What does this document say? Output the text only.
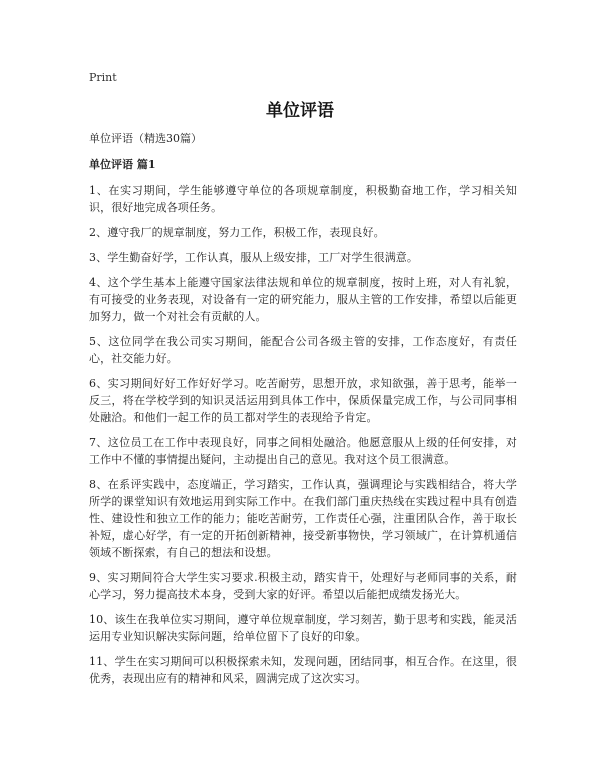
Print
单位评语

单位评语（精选30篇）

单位评语 篇1

1、在实习期间，学生能够遵守单位的各项规章制度，积极勤奋地工作，学习相关知识，很好地完成各项任务。

2、遵守我厂的规章制度，努力工作，积极工作，表现良好。

3、学生勤奋好学，工作认真，服从上级安排，工厂对学生很满意。

4、这个学生基本上能遵守国家法律法规和单位的规章制度，按时上班，对人有礼貌，有可接受的业务表现，对设备有一定的研究能力，服从主管的工作安排，希望以后能更加努力，做一个对社会有贡献的人。

5、这位同学在我公司实习期间，能配合公司各级主管的安排，工作态度好，有责任心，社交能力好。

6、实习期间好好工作好好学习。吃苦耐劳，思想开放，求知欲强，善于思考，能举一反三，将在学校学到的知识灵活运用到具体工作中，保质保量完成工作，与公司同事相处融洽。和他们一起工作的员工都对学生的表现给予肯定。

7、这位员工在工作中表现良好，同事之间相处融洽。他愿意服从上级的任何安排，对工作中不懂的事情提出疑问，主动提出自己的意见。我对这个员工很满意。

8、在系评实践中，态度端正，学习踏实，工作认真，强调理论与实践相结合，将大学所学的课堂知识有效地运用到实际工作中。在我们部门重庆热线在实践过程中具有创造性、建设性和独立工作的能力；能吃苦耐劳，工作责任心强，注重团队合作，善于取长补短，虚心好学，有一定的开拓创新精神，接受新事物快，学习领域广，在计算机通信领域不断探索，有自己的想法和设想。

9、实习期间符合大学生实习要求.积极主动，踏实肯干，处理好与老师同事的关系，耐心学习，努力提高技术本身，受到大家的好评。希望以后能把成绩发扬光大。

10、该生在我单位实习期间，遵守单位规章制度，学习刻苦，勤于思考和实践，能灵活运用专业知识解决实际问题，给单位留下了良好的印象。

11、学生在实习期间可以积极探索未知，发现问题，团结同事，相互合作。在这里，很优秀，表现出应有的精神和风采，圆满完成了这次实习。
